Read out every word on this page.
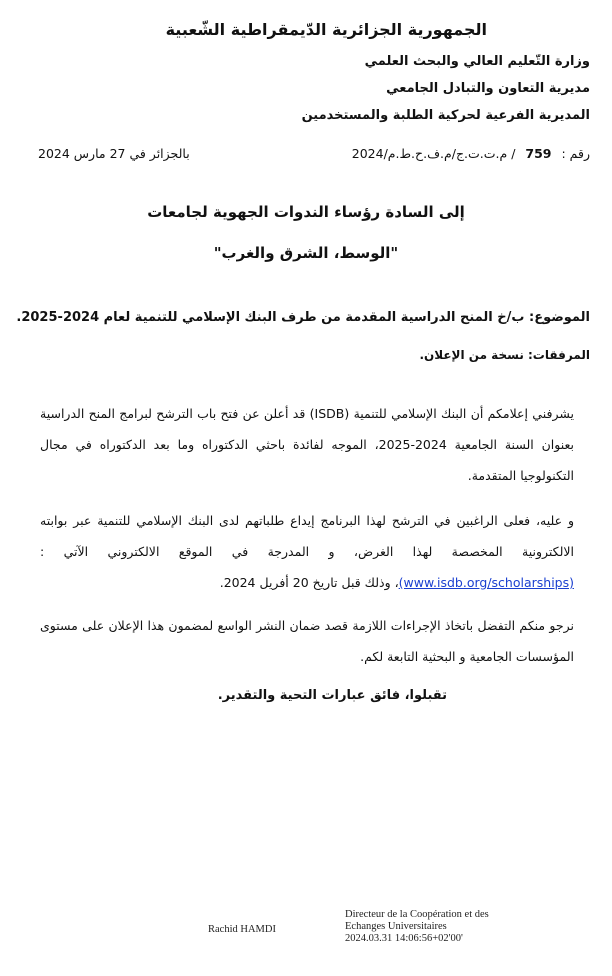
الجمهورية الجزائرية الدّيمقراطية الشّعبية
وزارة التّعليم العالي والبحث العلمي
مديرية التعاون والتبادل الجامعي
المديرية الفرعية لحركية الطلبة والمستخدمين
رقم : 759 / م.ت.ت.ج/م.ف.ح.ط.م/2024
بالجزائر في 27 مارس 2024
إلى السادة رؤساء الندوات الجهوية لجامعات
"الوسط، الشرق والغرب"
الموضوع: ب/خ المنح الدراسية المقدمة من طرف البنك الإسلامي للتنمية لعام 2024-2025.
المرفقات: نسخة من الإعلان.
يشرفني إعلامكم أن البنك الإسلامي للتنمية (ISDB) قد أعلن عن فتح باب الترشح لبرامج المنح الدراسية بعنوان السنة الجامعية 2024-2025، الموجه لفائدة باحثي الدكتوراه وما بعد الدكتوراه في مجال التكنولوجيا المتقدمة.
و عليه، فعلى الراغبين في الترشح لهذا البرنامج إيداع طلباتهم لدى البنك الإسلامي للتنمية عبر بوابته الالكترونية المخصصة لهذا الغرض، و المدرجة في الموقع الالكتروني الآتي : (www.isdb.org/scholarships)، وذلك قبل تاريخ 20 أفريل 2024.
نرجو منكم التفضل باتخاذ الإجراءات اللازمة قصد ضمان النشر الواسع لمضمون هذا الإعلان على مستوى المؤسسات الجامعية و البحثية التابعة لكم.
تقبلوا، فائق عبارات التحية والتقدير.
Rachid HAMDI
Directeur de la Coopération et des
Echanges Universitaires
2024.03.31 14:06:56+02'00'
